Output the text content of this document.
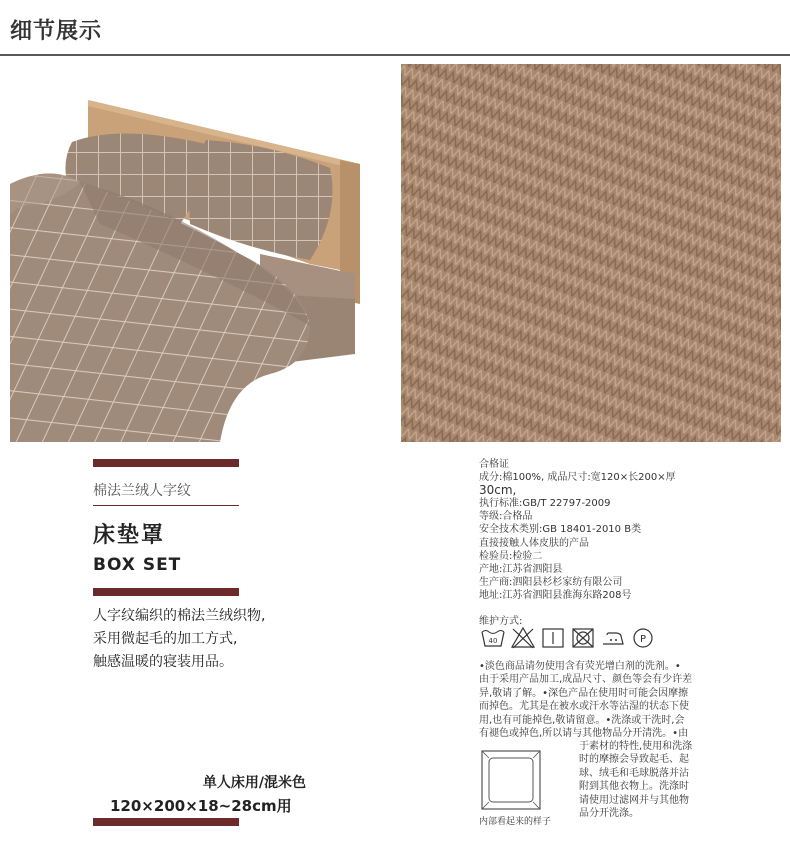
细节展示
棉法兰绒人字纹
床垫罩
BOX SET
人字纹编织的棉法兰绒织物,
采用微起毛的加工方式,
触感温暖的寝装用品。
单人床用/混米色
120×200×18~28cm用
合格证
成分:棉100%, 成品尺寸:宽120×长200×厚
30cm,
执行标准:GB/T 22797-2009
等级:合格品
安全技术类别:GB 18401-2010 B类
直接接触人体皮肤的产品
检验员:检验二
产地:江苏省泗阳县
生产商:泗阳县杉杉家纺有限公司
地址:江苏省泗阳县淮海东路208号
维护方式:
40	P
•淡色商品请勿使用含有荧光增白剂的洗剂。•
由于采用产品加工,成品尺寸、颜色等会有少许差
异,敬请了解。•深色产品在使用时可能会因摩擦
而掉色。尤其是在被水或汗水等沾湿的状态下使
用,也有可能掉色,敬请留意。•洗涤或干洗时,会
有褪色或掉色,所以请与其他物品分开清洗。•由
于素材的特性,使用和洗涤
时的摩擦会导致起毛、起
球、绒毛和毛球脱落并沾
附到其他衣物上。洗涤时
请使用过滤网并与其他物
品分开洗涤。
内部看起来的样子
